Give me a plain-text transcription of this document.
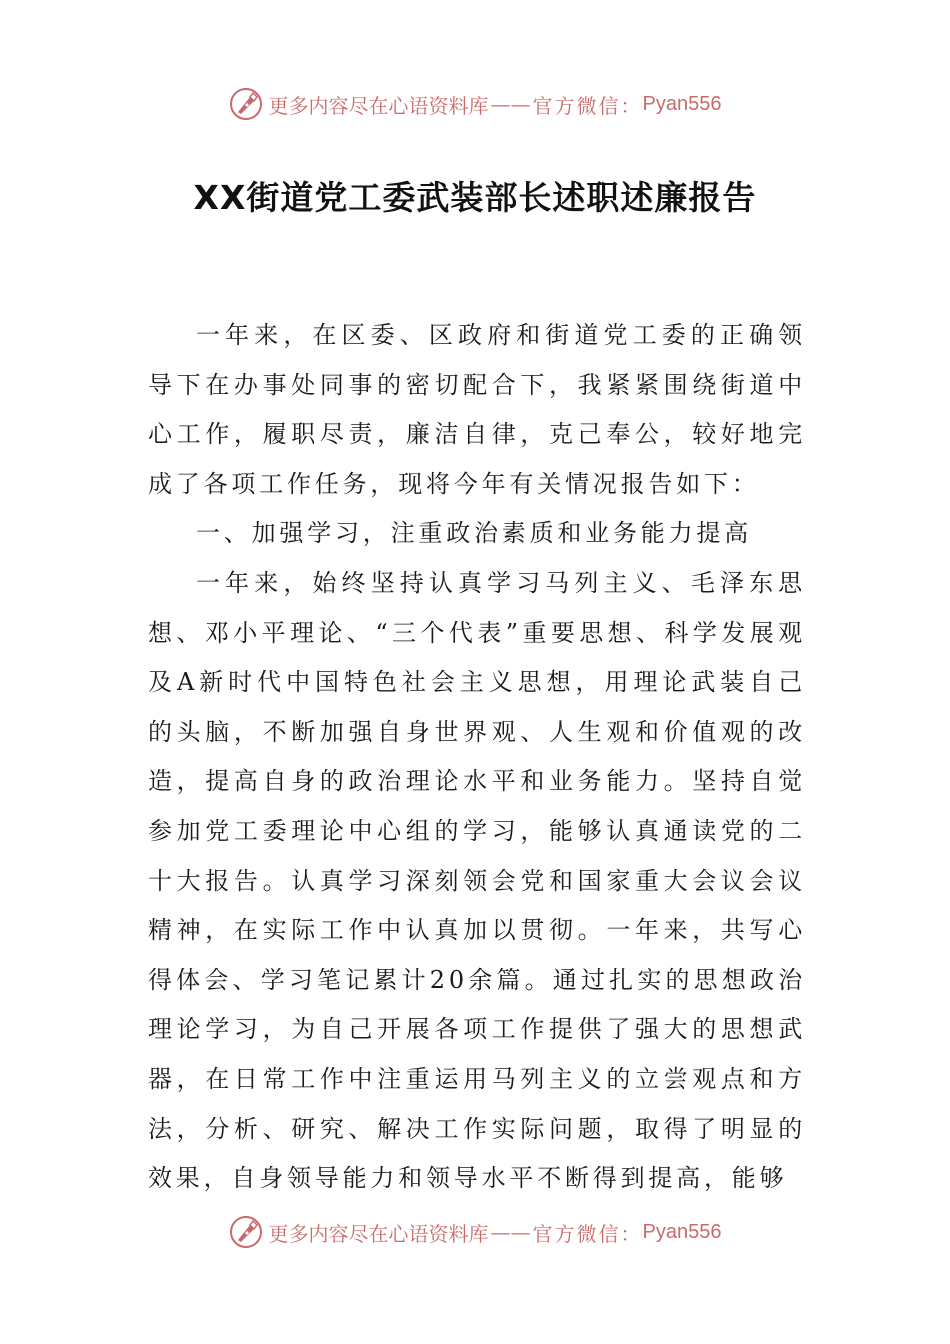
更多内容尽在心语资料库 —— 官方微信： Pyan556
XX街道党工委武装部长述职述廉报告

一年来，在区委、区政府和街道党工委的正确领导下在办事处同事的密切配合下，我紧紧围绕街道中心工作，履职尽责，廉洁自律，克己奉公，较好地完成了各项工作任务，现将今年有关情况报告如下：

一、加强学习，注重政治素质和业务能力提高

一年来，始终坚持认真学习马列主义、毛泽东思想、邓小平理论、“三个代表”重要思想、科学发展观及A新时代中国特色社会主义思想，用理论武装自己的头脑，不断加强自身世界观、人生观和价值观的改造，提高自身的政治理论水平和业务能力。坚持自觉参加党工委理论中心组的学习，能够认真通读党的二十大报告。认真学习深刻领会党和国家重大会议会议精神，在实际工作中认真加以贯彻。一年来，共写心得体会、学习笔记累计20余篇。通过扎实的思想政治理论学习，为自己开展各项工作提供了强大的思想武器，在日常工作中注重运用马列主义的立尝观点和方法，分析、研究、解决工作实际问题，取得了明显的效果，自身领导能力和领导水平不断得到提高，能够

更多内容尽在心语资料库 —— 官方微信： Pyan556
